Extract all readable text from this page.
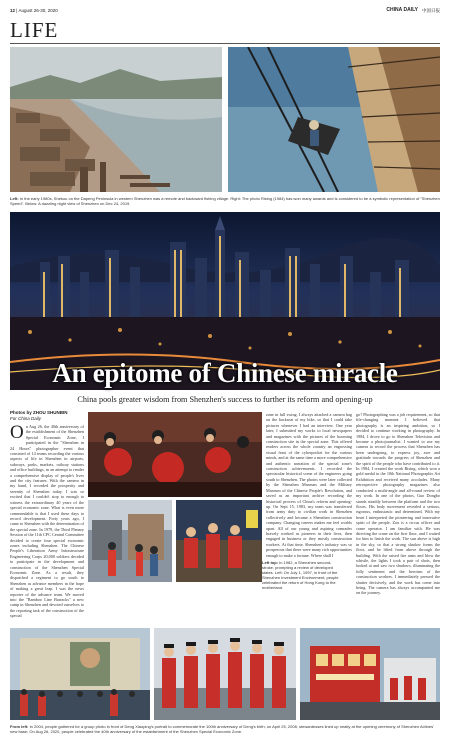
12 | August 26-30, 2020	CHINA DAILY 中国日报
LIFE
Left: In the early 1980s, Shekou on the Dapeng Peninsula in western Shenzhen was a remote and backward fishing village. Right: The photo Rising (1984) has won many awards and is considered to be a symbolic representation of "Shenzhen Speed". Below: A dazzling night view of Shenzhen on Dec 24, 2019.
An epitome of Chinese miracle
China pools greater wisdom from Shenzhen's success to further its reform and opening-up
Photos by ZHOU SHUNBIN
For China Daily
On Aug 26, the 40th anniversary of the establishment of the Shenzhen Special Economic Zone, I participated in the "Shenzhen in 24 Hours" photographer event that consisted of 14 teams recording the various aspects of life in Shenzhen in airports, subways, parks, markets, railway stations and office buildings, in an attempt to render a comprehensive display of people's lives and the city features. With the camera in my hand, I recorded the prosperity and serenity of Shenzhen today. I was so excited that I couldn't stop to enough to witness the extraordinary 40 years of the special economic zone. What is even more commendable is that I used these days to record development. Forty years ago, I came to Shenzhen with the determination of the special zone. In 1979, the Third Plenary Session of the 11th CPC Central Committee decided to create four special economic zones including Shenzhen. The Chinese People's Liberation Army Infrastructure Engineering Corps 20,000 soldiers decided to participate in the development and construction of the Shenzhen Special Economic Zone. As a result, they dispatched a regiment to go south to Shenzhen as advance members in the hope of making a great leap. I was the news reporter of the advance team. We moved into the "Bamboo Line Barracks" a new camp in Shenzhen and devoted ourselves to the reporting task of the construction of the special
Left top: In 1982, a Shenzhen second-stroke, prompting a review of developed states. Left: On July 1, 1997, in front of the Shenzhen Investment Environment, people celebrated the return of Hong Kong to the motherland.
zone in full swing. I always attached a camera bag on the backseat of my bike, so that I could take pictures whenever I had an interview. One year later, I submitted my works to local newspapers and magazines with the pictures of the booming construction site in the special zone. This offered readers across the whole country an engrossing visual feast of the cyberpocket for the curious minds, and at the same time a more comprehensive and authentic narration of the special zone's construction achievements. I recorded the spectacular historical scene of the engineers going south to Shenzhen. The photos were later collected by the Shenzhen Museum and the Military Museum of the Chinese People's Revolution, and saved as an important archive recording the historical process of China's reform and opening-up. On Sept 15, 1983, my team was transferred from army duty to civilian work in Shenzhen collectively and became a Shenzhen construction company. Changing careers makes me feel worlds apart. All of our young and aspiring comrades bravely worked as pioneers in their lives, then engaged in business or they mostly construction workers. At that time, Shenzhen's industry was so prosperous that there were many rich opportunities enough to make a fortune. Where shall I
go? Photographing was a job requirement, so that life-changing moment I believed that photography is an inspiring ambition, so I decided to continue working in photography. In 1984, I drove to go to Shenzhen Television and became a photojournalist. I wanted to use my camera to record the process that Shenzhen has been undergoing, to express joy, awe and gratitude towards the progress of Shenzhen and the spirit of the people who have contributed to it. In 1984, I created the work Rising, which won a gold medal in the 10th National Photographic Art Exhibition and received many accolades. Many retrospective photography magazines also conducted a multi-angle and all-round review of my work. In one of the photos, Guo Dongbo stands steadily between the platform and the two floors. His body movement revealed a serious, rigorous, enthusiastic and determined. With my heart I interpreted the pioneering and innovative spirit of the people. Zou is a circus officer and crane operator. I am familiar with. He was directing the crane on the first floor, and I waited for him to finish the work. The sun above is high in the sky, so that a strong shadow forms the floor, and he lifted from above through the building. With the raised fire arms and blow the whistle, the lights I took a pair of shots, then looked at and saw two shadows, illuminating the fully sentiment and the heroism of the construction workers. I immediately pressed the shutter decisively, and the work has come into being. The camera has always accompanied me on the journey.
From left: In 2004, people gathered for a group photo in front of Deng Xiaoping's portrait to commemorate the 100th anniversary of Deng's birth; on April 25, 2008, stewardesses lined up neatly at the opening ceremony of Shenzhen Airlines' new base; On Aug 26, 2020, people celebrated the 40th anniversary of the establishment of the Shenzhen Special Economic Zone.
